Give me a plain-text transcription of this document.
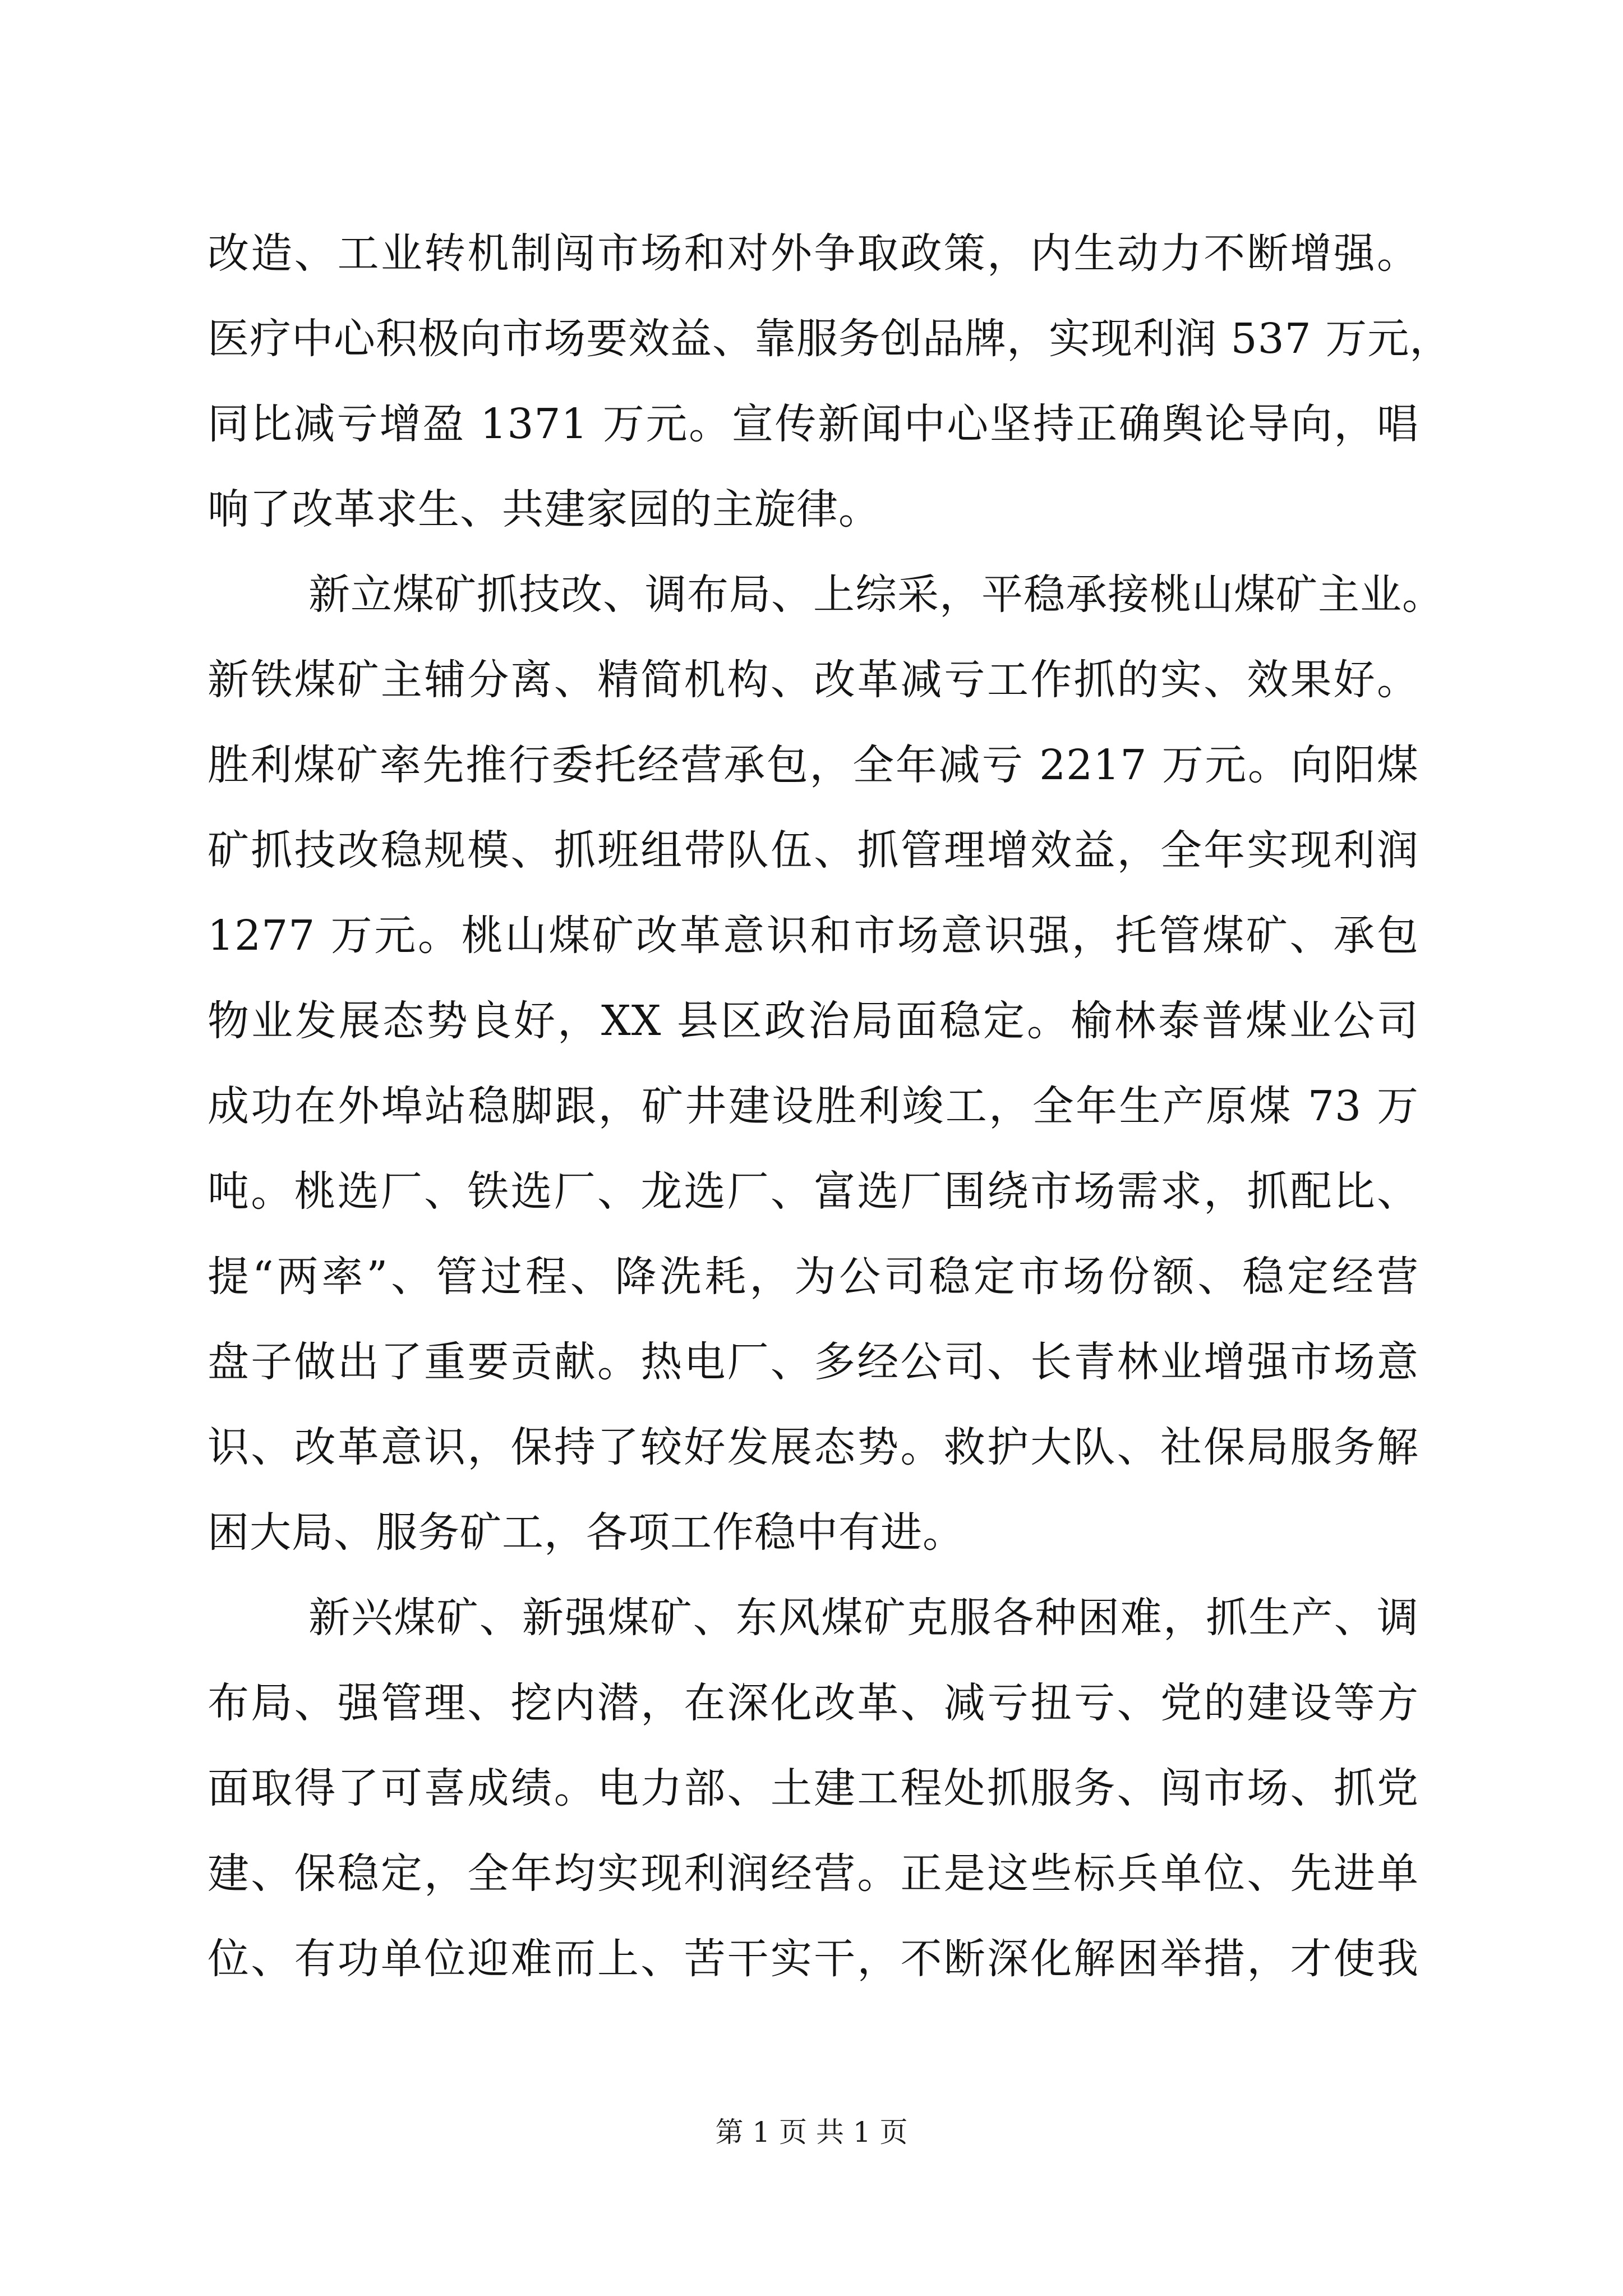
改造、工业转机制闯市场和对外争取政策，内生动力不断增强。
医疗中心积极向市场要效益、靠服务创品牌，实现利润 537 万元，
同比减亏增盈 1371 万元。宣传新闻中心坚持正确舆论导向，唱
响了改革求生、共建家园的主旋律。
新立煤矿抓技改、调布局、上综采，平稳承接桃山煤矿主业。
新铁煤矿主辅分离、精简机构、改革减亏工作抓的实、效果好。
胜利煤矿率先推行委托经营承包，全年减亏 2217 万元。向阳煤
矿抓技改稳规模、抓班组带队伍、抓管理增效益，全年实现利润
1277 万元。桃山煤矿改革意识和市场意识强，托管煤矿、承包
物业发展态势良好，XX 县区政治局面稳定。榆林泰普煤业公司
成功在外埠站稳脚跟，矿井建设胜利竣工，全年生产原煤 73 万
吨。桃选厂、铁选厂、龙选厂、富选厂围绕市场需求，抓配比、
提“两率”、管过程、降洗耗，为公司稳定市场份额、稳定经营
盘子做出了重要贡献。热电厂、多经公司、长青林业增强市场意
识、改革意识，保持了较好发展态势。救护大队、社保局服务解
困大局、服务矿工，各项工作稳中有进。
新兴煤矿、新强煤矿、东风煤矿克服各种困难，抓生产、调
布局、强管理、挖内潜，在深化改革、减亏扭亏、党的建设等方
面取得了可喜成绩。电力部、土建工程处抓服务、闯市场、抓党
建、保稳定，全年均实现利润经营。正是这些标兵单位、先进单
位、有功单位迎难而上、苦干实干，不断深化解困举措，才使我
第 1 页 共 1 页
